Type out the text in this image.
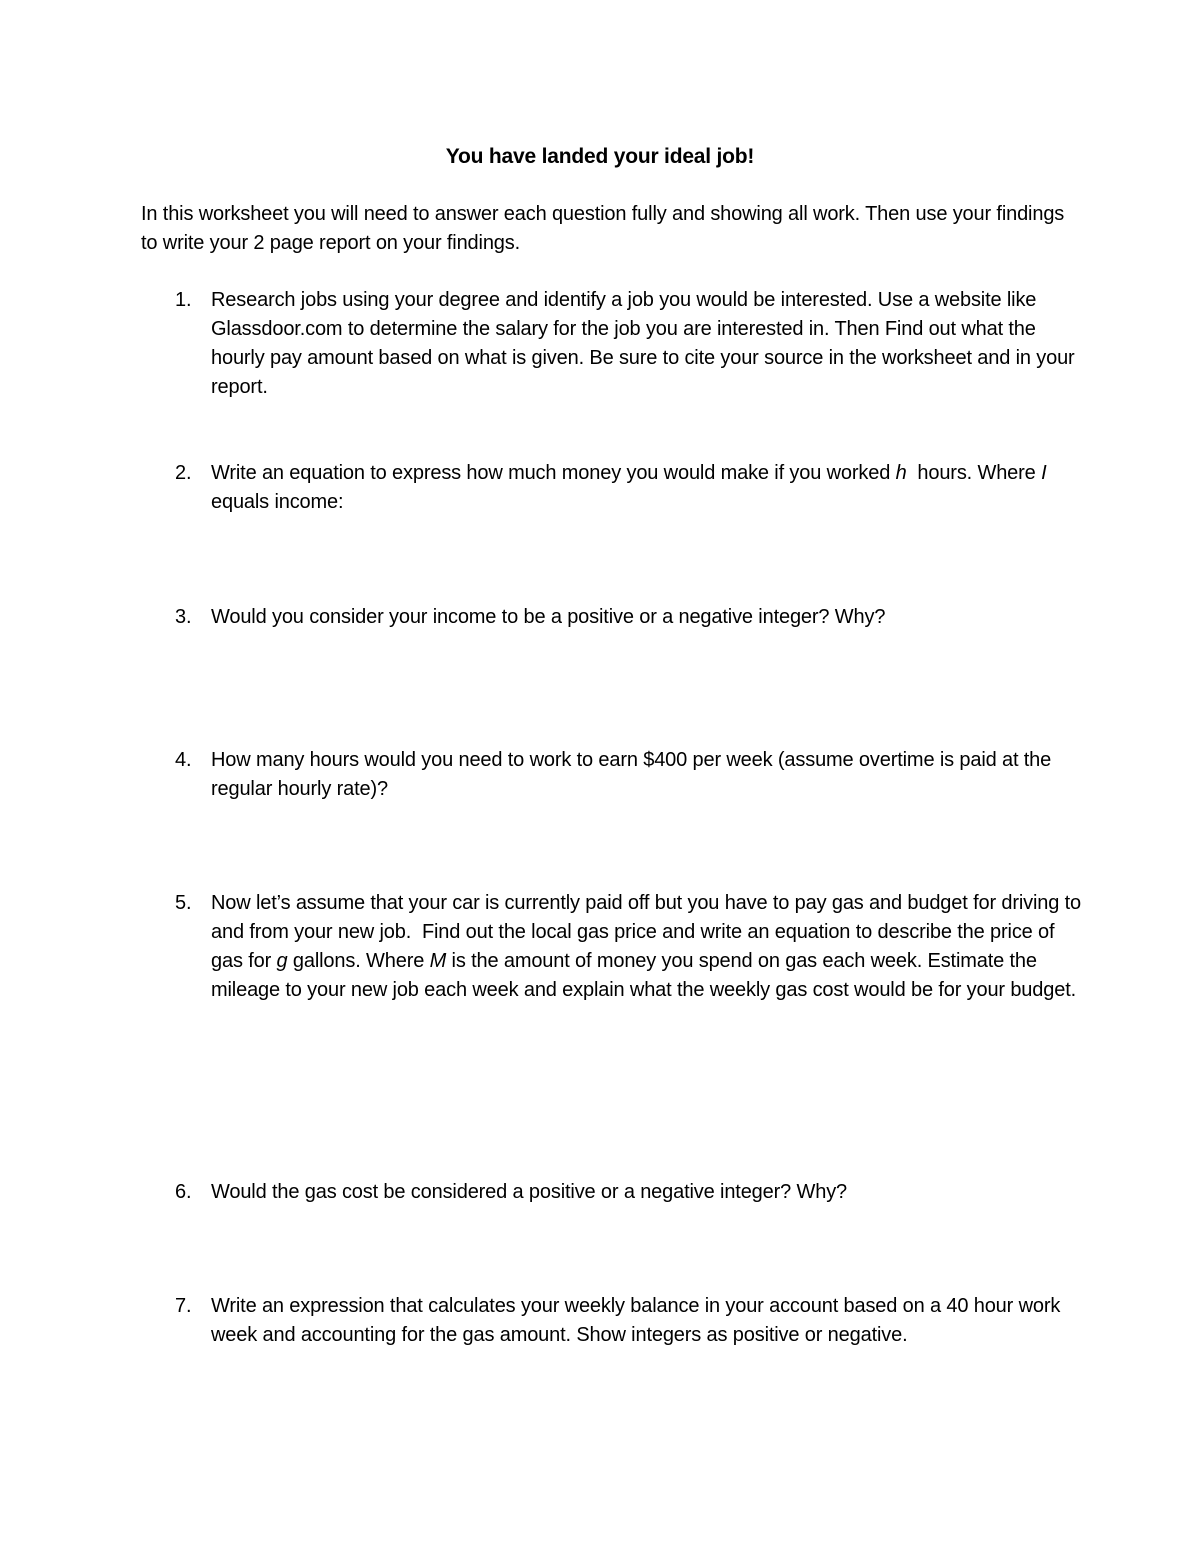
You have landed your ideal job!

In this worksheet you will need to answer each question fully and showing all work. Then use your findings to write your 2 page report on your findings.

1. Research jobs using your degree and identify a job you would be interested. Use a website like Glassdoor.com to determine the salary for the job you are interested in. Then Find out what the hourly pay amount based on what is given. Be sure to cite your source in the worksheet and in your report.
2. Write an equation to express how much money you would make if you worked h  hours. Where I equals income:
3. Would you consider your income to be a positive or a negative integer? Why?
4. How many hours would you need to work to earn $400 per week (assume overtime is paid at the regular hourly rate)?
5. Now let’s assume that your car is currently paid off but you have to pay gas and budget for driving to and from your new job.  Find out the local gas price and write an equation to describe the price of gas for g gallons. Where M is the amount of money you spend on gas each week. Estimate the mileage to your new job each week and explain what the weekly gas cost would be for your budget.
6. Would the gas cost be considered a positive or a negative integer? Why?
7. Write an expression that calculates your weekly balance in your account based on a 40 hour work week and accounting for the gas amount. Show integers as positive or negative.
